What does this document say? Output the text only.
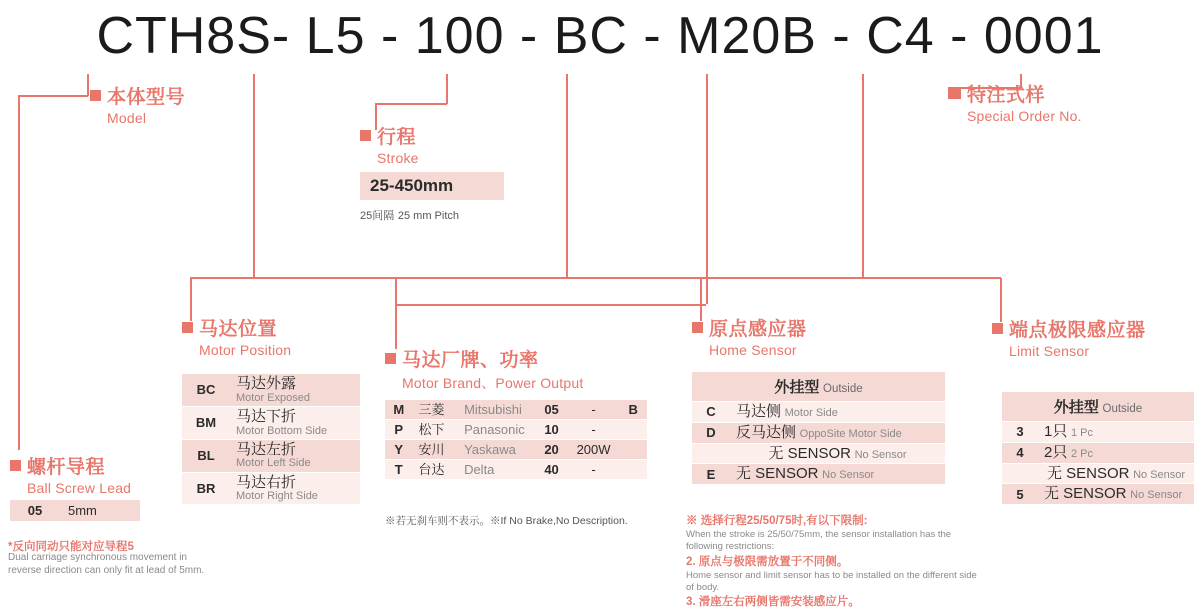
CTH8S- L5 - 100 - BC - M20B - C4 - 0001
本体型号
Model
行程
Stroke
25-450mm
25间隔 25 mm Pitch
特注式样
Special Order No.
螺杆导程
Ball Screw Lead
05	5mm
*反向同动只能对应导程5
Dual carriage synchronous movement in reverse direction can only fit at lead of 5mm.
马达位置
Motor Position
BC	马达外露
Motor Exposed

BM	马达下折
Motor Bottom Side

BL	马达左折
Motor Left Side

BR	马达右折
Motor Right Side
马达厂牌、功率
Motor Brand、Power Output
M	三菱	Mitsubishi	05	-	B
P	松下	Panasonic	10	-	
Y	安川	Yaskawa	20	200W	
T	台达	Delta	40	-	
※若无刹车则不表示。※If No Brake,No Description.
原点感应器
Home Sensor
外挂型 Outside	
C	马达侧 Motor Side
D	反马达侧 OppoSite Motor Side
	无 SENSOR No Sensor
E	无 SENSOR No Sensor
※ 选择行程25/50/75时,有以下限制:
When the stroke is 25/50/75mm, the sensor installation has the following restrictions:
2. 原点与极限需放置于不同侧。
Home sensor and limit sensor has to be installed on the different side of body.
3. 滑座左右两侧皆需安装感应片。
端点极限感应器
Limit Sensor
外挂型 Outside	
3	1只 1 Pc
4	2只 2 Pc
	无 SENSOR No Sensor
5	无 SENSOR No Sensor
